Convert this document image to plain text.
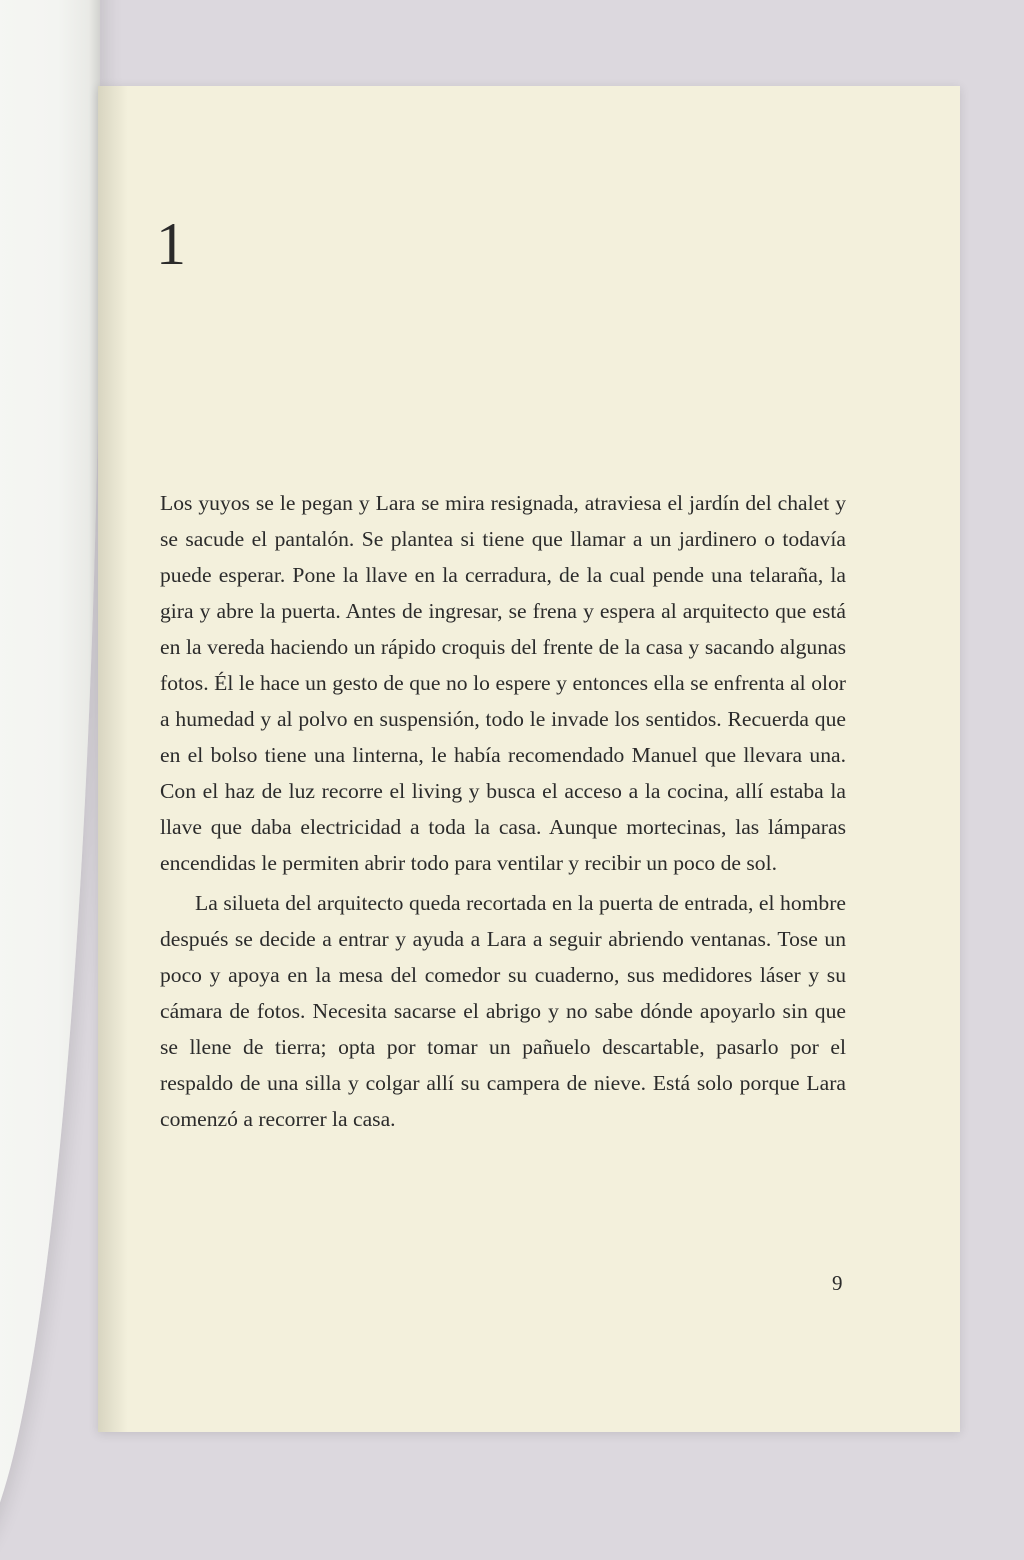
1

Los yuyos se le pegan y Lara se mira resignada, atraviesa el jardín del chalet y se sacude el pantalón. Se plantea si tiene que llamar a un jardinero o todavía puede esperar. Pone la llave en la cerradura, de la cual pende una telaraña, la gira y abre la puerta. Antes de ingresar, se frena y espera al arquitecto que está en la vereda haciendo un rápido croquis del frente de la casa y sacando algunas fotos. Él le hace un gesto de que no lo espere y entonces ella se enfrenta al olor a humedad y al polvo en suspensión, todo le invade los sentidos. Recuerda que en el bolso tiene una linterna, le había recomendado Manuel que llevara una. Con el haz de luz recorre el living y busca el acceso a la cocina, allí estaba la llave que daba electricidad a toda la casa. Aunque mortecinas, las lámparas encendidas le permiten abrir todo para ventilar y recibir un poco de sol.

La silueta del arquitecto queda recortada en la puerta de entrada, el hombre después se decide a entrar y ayuda a Lara a seguir abriendo ventanas. Tose un poco y apoya en la mesa del comedor su cuaderno, sus medidores láser y su cámara de fotos. Necesita sacarse el abrigo y no sabe dónde apoyarlo sin que se llene de tierra; opta por tomar un pañuelo descartable, pasarlo por el respaldo de una silla y colgar allí su campera de nieve. Está solo porque Lara comenzó a recorrer la casa.

9
